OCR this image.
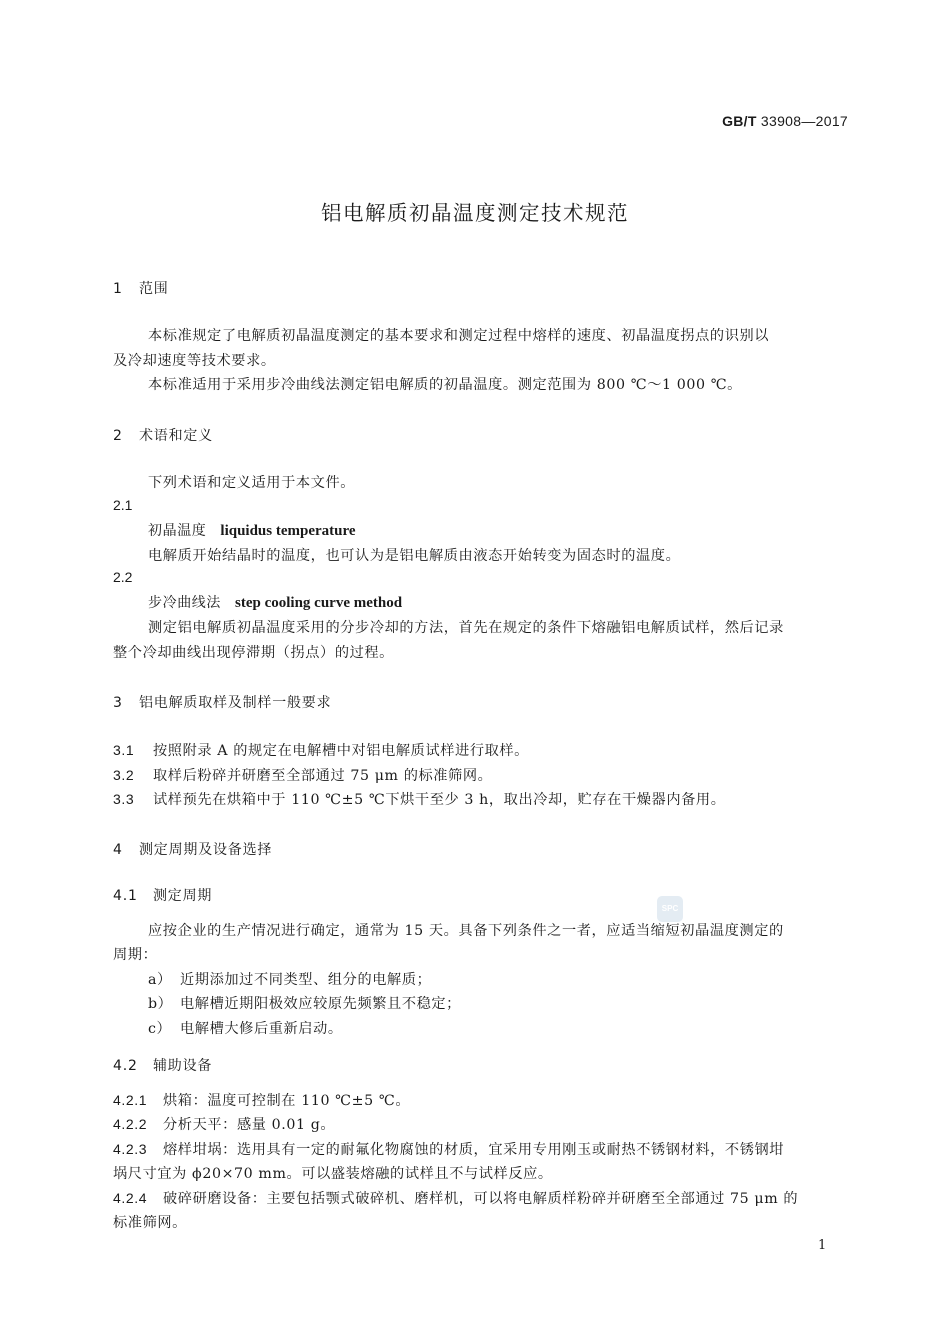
GB/T 33908—2017
铝电解质初晶温度测定技术规范
1 范围
本标准规定了电解质初晶温度测定的基本要求和测定过程中熔样的速度、初晶温度拐点的识别以
及冷却速度等技术要求。
本标准适用于采用步冷曲线法测定铝电解质的初晶温度。测定范围为 800 ℃～1 000 ℃。
2 术语和定义
下列术语和定义适用于本文件。
2.1
初晶温度 liquidus temperature
电解质开始结晶时的温度，也可认为是铝电解质由液态开始转变为固态时的温度。
2.2
步冷曲线法 step cooling curve method
测定铝电解质初晶温度采用的分步冷却的方法，首先在规定的条件下熔融铝电解质试样，然后记录
整个冷却曲线出现停滞期（拐点）的过程。
3 铝电解质取样及制样一般要求
3.1 按照附录 A 的规定在电解槽中对铝电解质试样进行取样。
3.2 取样后粉碎并研磨至全部通过 75 μm 的标准筛网。
3.3 试样预先在烘箱中于 110 ℃±5 ℃下烘干至少 3 h，取出冷却，贮存在干燥器内备用。
4 测定周期及设备选择
4.1 测定周期
应按企业的生产情况进行确定，通常为 15 天。具备下列条件之一者，应适当缩短初晶温度测定的
周期：
a） 近期添加过不同类型、组分的电解质；
b） 电解槽近期阳极效应较原先频繁且不稳定；
c） 电解槽大修后重新启动。
4.2 辅助设备
4.2.1 烘箱：温度可控制在 110 ℃±5 ℃。
4.2.2 分析天平：感量 0.01 g。
4.2.3 熔样坩埚：选用具有一定的耐氟化物腐蚀的材质，宜采用专用刚玉或耐热不锈钢材料，不锈钢坩
埚尺寸宜为 ϕ20×70 mm。可以盛装熔融的试样且不与试样反应。
4.2.4 破碎研磨设备：主要包括颚式破碎机、磨样机，可以将电解质样粉碎并研磨至全部通过 75 μm 的
标准筛网。
SPC
1
